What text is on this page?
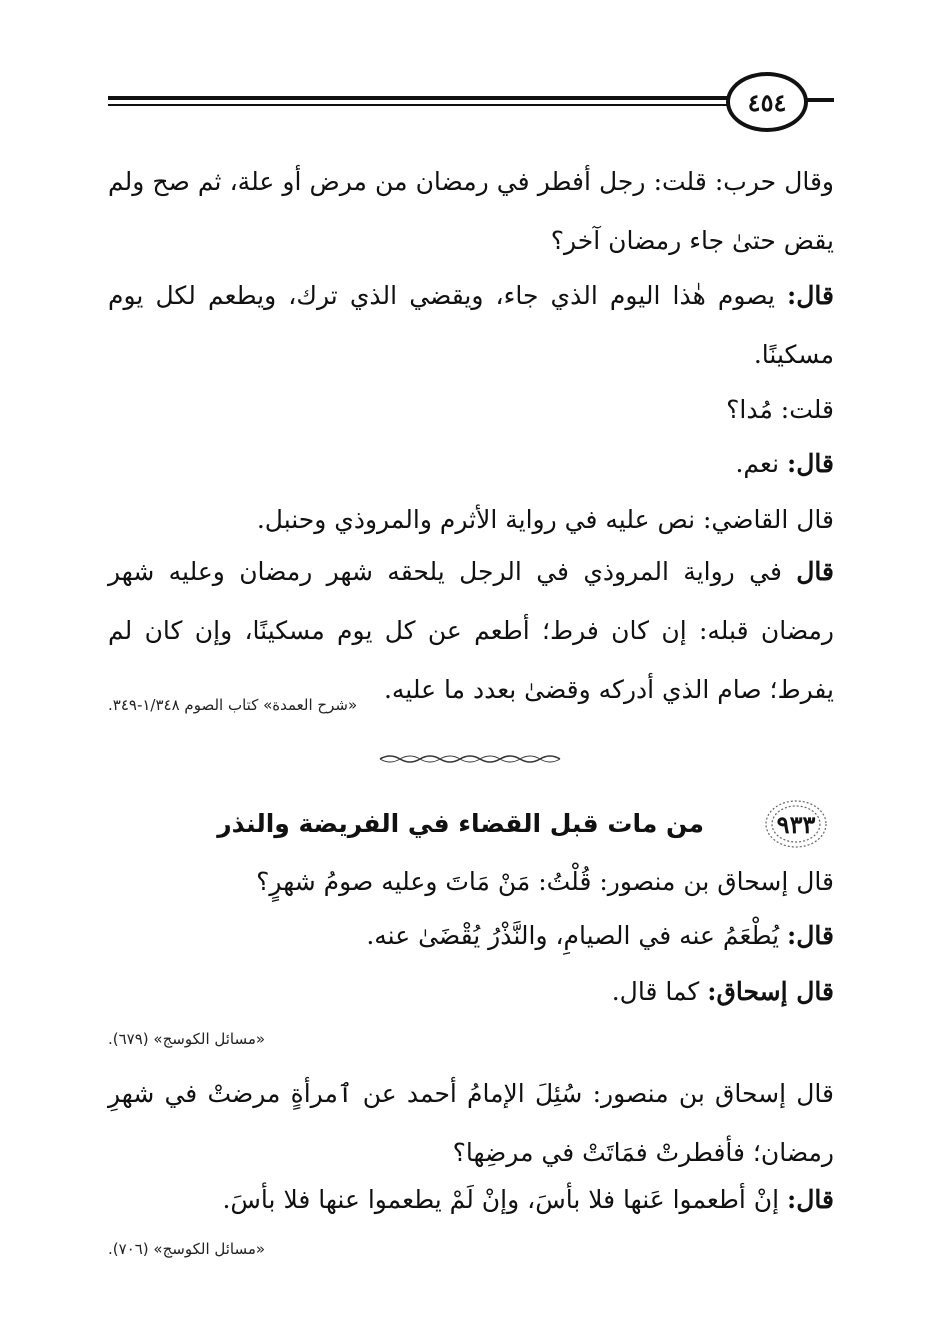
٤٥٤
وقال حرب: قلت: رجل أفطر في رمضان من مرض أو علة، ثم صح ولم يقض حتىٰ جاء رمضان آخر؟
قال: يصوم هٰذا اليوم الذي جاء، ويقضي الذي ترك، ويطعم لكل يوم مسكينًا.
قلت: مُدا؟
قال: نعم.
قال القاضي: نص عليه في رواية الأثرم والمروذي وحنبل.
قال في رواية المروذي في الرجل يلحقه شهر رمضان وعليه شهر رمضان قبله: إن كان فرط؛ أطعم عن كل يوم مسكينًا، وإن كان لم يفرط؛ صام الذي أدركه وقضىٰ بعدد ما عليه.
«شرح العمدة» كتاب الصوم ١/٣٤٨-٣٤٩.
٩٣٣
من مات قبل القضاء في الفريضة والنذر
قال إسحاق بن منصور: قُلْتُ: مَنْ مَاتَ وعليه صومُ شهرٍ؟
قال: يُطْعَمُ عنه في الصيامِ، والنَّذْرُ يُقْضَىٰ عنه.
قال إسحاق: كما قال.
«مسائل الكوسج» (٦٧٩).
قال إسحاق بن منصور: سُئِلَ الإمامُ أحمد عن ٱمرأةٍ مرضتْ في شهرِ رمضان؛ فأفطرتْ فمَاتَتْ في مرضِها؟
قال: إنْ أطعموا عَنها فلا بأسَ، وإنْ لَمْ يطعموا عنها فلا بأسَ.
«مسائل الكوسج» (٧٠٦).
